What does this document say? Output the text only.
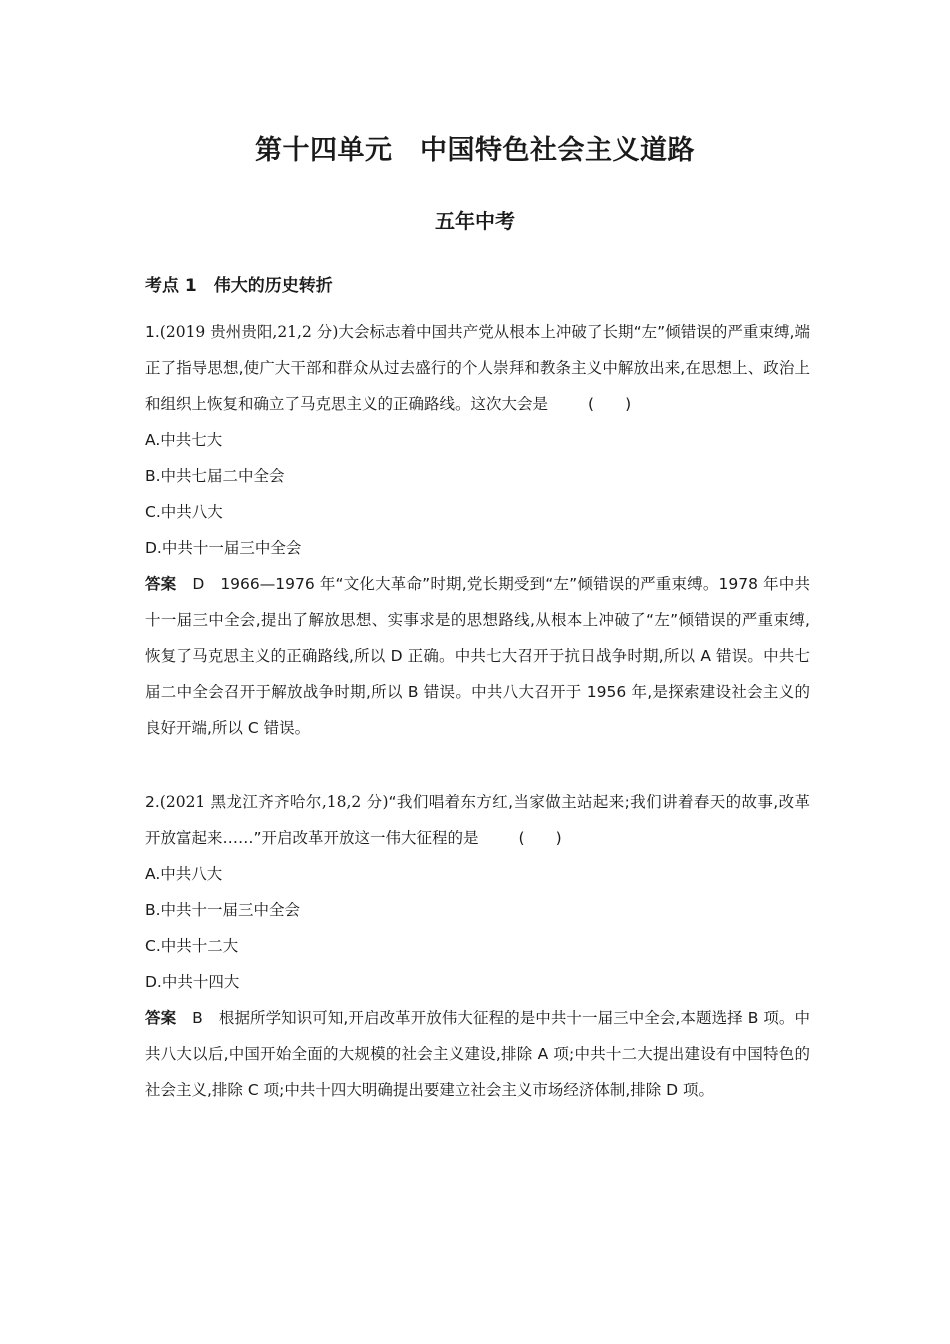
第十四单元　中国特色社会主义道路
五年中考
考点 1　伟大的历史转折

1.(2019 贵州贵阳,21,2 分)大会标志着中国共产党从根本上冲破了长期“左”倾错误的严重束缚,端正了指导思想,使广大干部和群众从过去盛行的个人崇拜和教条主义中解放出来,在思想上、政治上和组织上恢复和确立了马克思主义的正确路线。这次大会是	(　　)

A.中共七大

B.中共七届二中全会

C.中共八大

D.中共十一届三中全会

答案 D 1966—1976 年“文化大革命”时期,党长期受到“左”倾错误的严重束缚。1978 年中共十一届三中全会,提出了解放思想、实事求是的思想路线,从根本上冲破了“左”倾错误的严重束缚,恢复了马克思主义的正确路线,所以 D 正确。中共七大召开于抗日战争时期,所以 A 错误。中共七届二中全会召开于解放战争时期,所以 B 错误。中共八大召开于 1956 年,是探索建设社会主义的良好开端,所以 C 错误。

2.(2021 黑龙江齐齐哈尔,18,2 分)“我们唱着东方红,当家做主站起来;我们讲着春天的故事,改革开放富起来……”开启改革开放这一伟大征程的是	(　　)

A.中共八大

B.中共十一届三中全会

C.中共十二大

D.中共十四大

答案 B 根据所学知识可知,开启改革开放伟大征程的是中共十一届三中全会,本题选择 B 项。中共八大以后,中国开始全面的大规模的社会主义建设,排除 A 项;中共十二大提出建设有中国特色的社会主义,排除 C 项;中共十四大明确提出要建立社会主义市场经济体制,排除 D 项。
